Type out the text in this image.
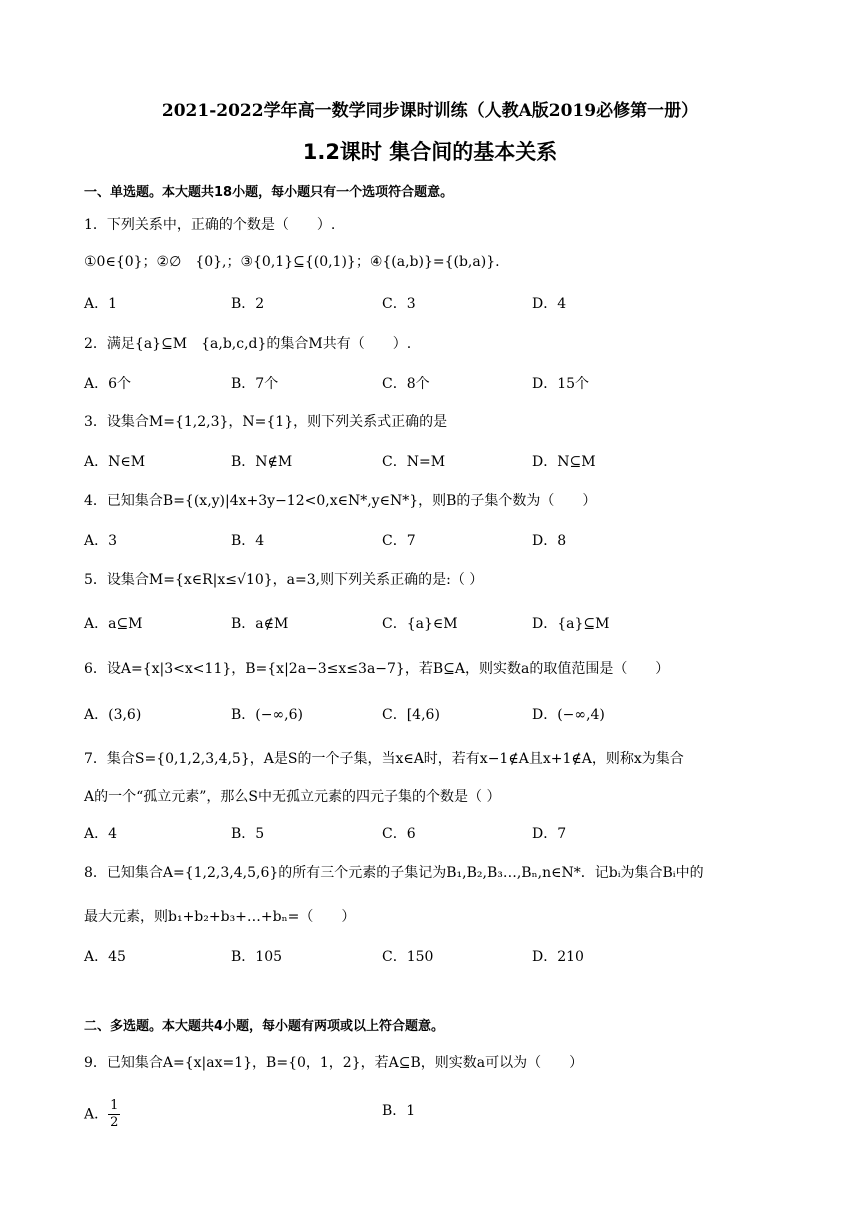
2021-2022学年高一数学同步课时训练（人教A版2019必修第一册）
1.2课时 集合间的基本关系
一、单选题。本大题共18小题，每小题只有一个选项符合题意。
1．下列关系中，正确的个数是（　　）.
①0∈{0}；②∅　{0},；③{0,1}⊆{(0,1)}；④{(a,b)}={(b,a)}.
A．1	B．2	C．3	D．4
2．满足{a}⊆M　{a,b,c,d}的集合M共有（　　）.
A．6个	B．7个	C．8个	D．15个
3．设集合M={1,2,3}，N={1}，则下列关系式正确的是
A．N∈M	B．N∉M	C．N=M	D．N⊆M
4．已知集合B={(x,y)|4x+3y−12<0,x∈N*,y∈N*}，则B的子集个数为（　　）
A．3	B．4	C．7	D．8
5．设集合M={x∈R|x≤√10}，a=3,则下列关系正确的是:（ ）
A．a⊆M	B．a∉M	C．{a}∈M	D．{a}⊆M
6．设A={x|3<x<11}，B={x|2a−3≤x≤3a−7}，若B⊆A，则实数a的取值范围是（　　）
A．(3,6)	B．(−∞,6)	C．[4,6)	D．(−∞,4)
7．集合S={0,1,2,3,4,5}，A是S的一个子集，当x∈A时，若有x−1∉A且x+1∉A，则称x为集合
A的一个“孤立元素”，那么S中无孤立元素的四元子集的个数是（ ）
A．4	B．5	C．6	D．7
8．已知集合A={1,2,3,4,5,6}的所有三个元素的子集记为B₁,B₂,B₃…,Bₙ,n∈N*．记bᵢ为集合Bᵢ中的
最大元素，则b₁+b₂+b₃+…+bₙ=（　　）
A．45	B．105	C．150	D．210
二、多选题。本大题共4小题，每小题有两项或以上符合题意。
9．已知集合A={x|ax=1}，B={0，1，2}，若A⊆B，则实数a可以为（　　）
A． $\frac{1}{2}$	B．1
